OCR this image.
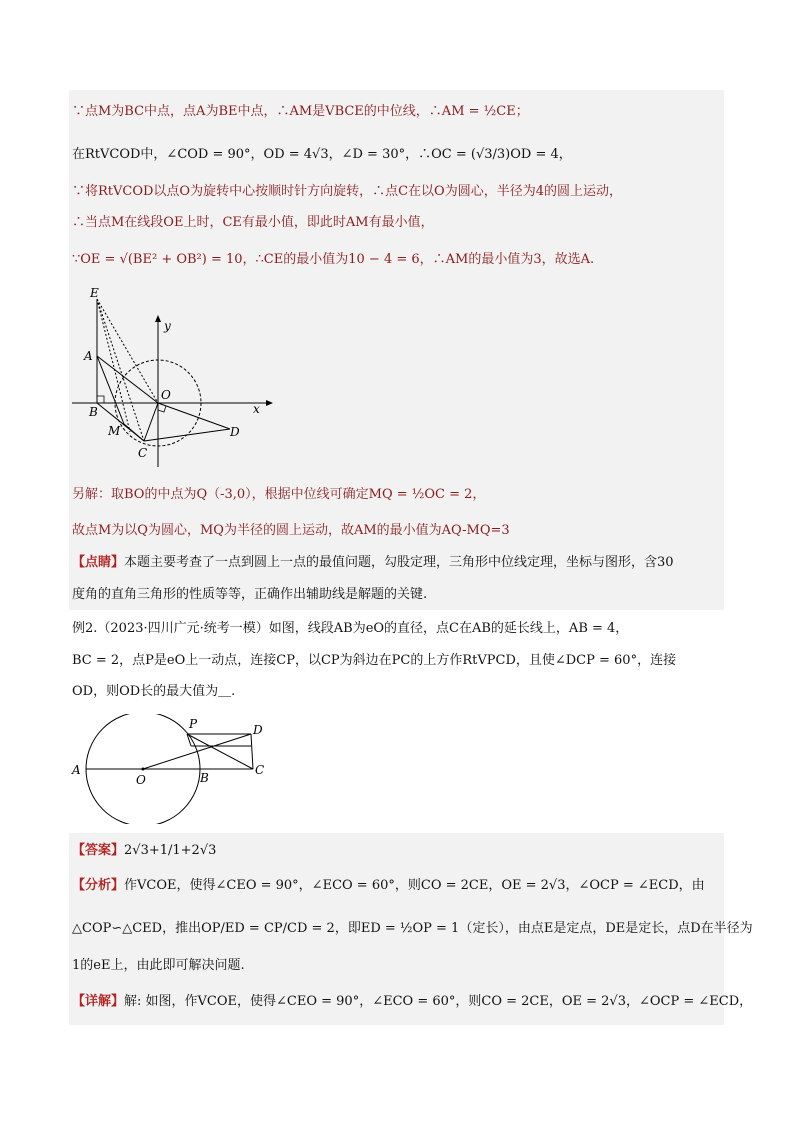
∵点M为BC中点，点A为BE中点，∴AM是VBCE的中位线，∴AM = ½CE；
在RtVCOD中，∠COD = 90°，OD = 4√3，∠D = 30°，∴OC = (√3/3)OD = 4，
∵将RtVCOD以点O为旋转中心按顺时针方向旋转，∴点C在以O为圆心，半径为4的圆上运动，
∴当点M在线段OE上时，CE有最小值，即此时AM有最小值，
∵OE = √(BE² + OB²) = 10，∴CE的最小值为10 − 4 = 6，∴AM的最小值为3，故选A.
E
A
B
M
C
O
D
x
y
另解：取BO的中点为Q（-3,0），根据中位线可确定MQ = ½OC = 2，
故点M为以Q为圆心，MQ为半径的圆上运动，故AM的最小值为AQ-MQ=3
【点睛】本题主要考查了一点到圆上一点的最值问题，勾股定理，三角形中位线定理，坐标与图形，含30
度角的直角三角形的性质等等，正确作出辅助线是解题的关键.
例2.（2023·四川广元·统考一模）如图，线段AB为eO的直径，点C在AB的延长线上，AB = 4，
BC = 2，点P是eO上一动点，连接CP，以CP为斜边在PC的上方作RtVPCD，且使∠DCP = 60°，连接
OD，则OD长的最大值为＿.
A
O	B
C
P	D
【答案】2√3+1/1+2√3
【分析】作VCOE，使得∠CEO = 90°，∠ECO = 60°，则CO = 2CE，OE = 2√3，∠OCP = ∠ECD，由
△COP∽△CED，推出OP/ED = CP/CD = 2，即ED = ½OP = 1（定长），由点E是定点，DE是定长，点D在半径为
1的eE上，由此即可解决问题.
【详解】解: 如图，作VCOE，使得∠CEO = 90°，∠ECO = 60°，则CO = 2CE，OE = 2√3，∠OCP = ∠ECD，
